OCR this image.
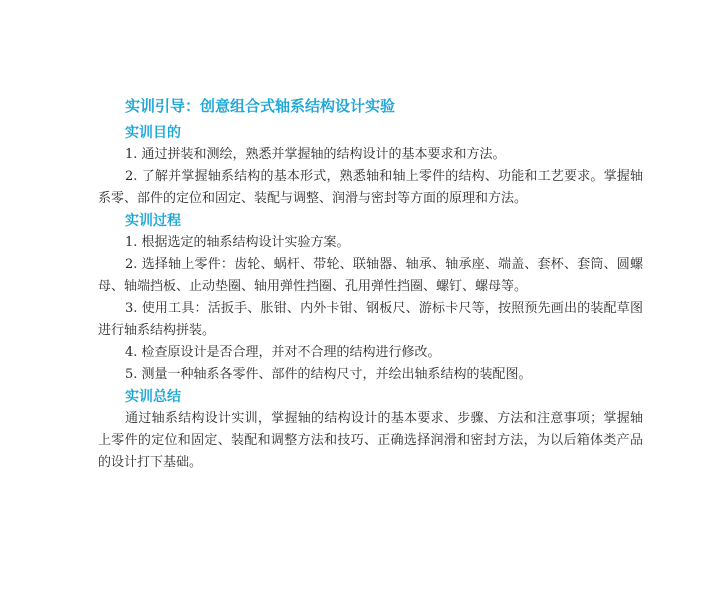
实训引导：创意组合式轴系结构设计实验
实训目的

1. 通过拼装和测绘，熟悉并掌握轴的结构设计的基本要求和方法。

2. 了解并掌握轴系结构的基本形式，熟悉轴和轴上零件的结构、功能和工艺要求。掌握轴系零、部件的定位和固定、装配与调整、润滑与密封等方面的原理和方法。

实训过程

1. 根据选定的轴系结构设计实验方案。

2. 选择轴上零件：齿轮、蜗杆、带轮、联轴器、轴承、轴承座、端盖、套杯、套筒、圆螺母、轴端挡板、止动垫圈、轴用弹性挡圈、孔用弹性挡圈、螺钉、螺母等。

3. 使用工具：活扳手、胀钳、内外卡钳、钢板尺、游标卡尺等，按照预先画出的装配草图进行轴系结构拼装。

4. 检查原设计是否合理，并对不合理的结构进行修改。

5. 测量一种轴系各零件、部件的结构尺寸，并绘出轴系结构的装配图。

实训总结

通过轴系结构设计实训，掌握轴的结构设计的基本要求、步骤、方法和注意事项；掌握轴上零件的定位和固定、装配和调整方法和技巧、正确选择润滑和密封方法，为以后箱体类产品的设计打下基础。
